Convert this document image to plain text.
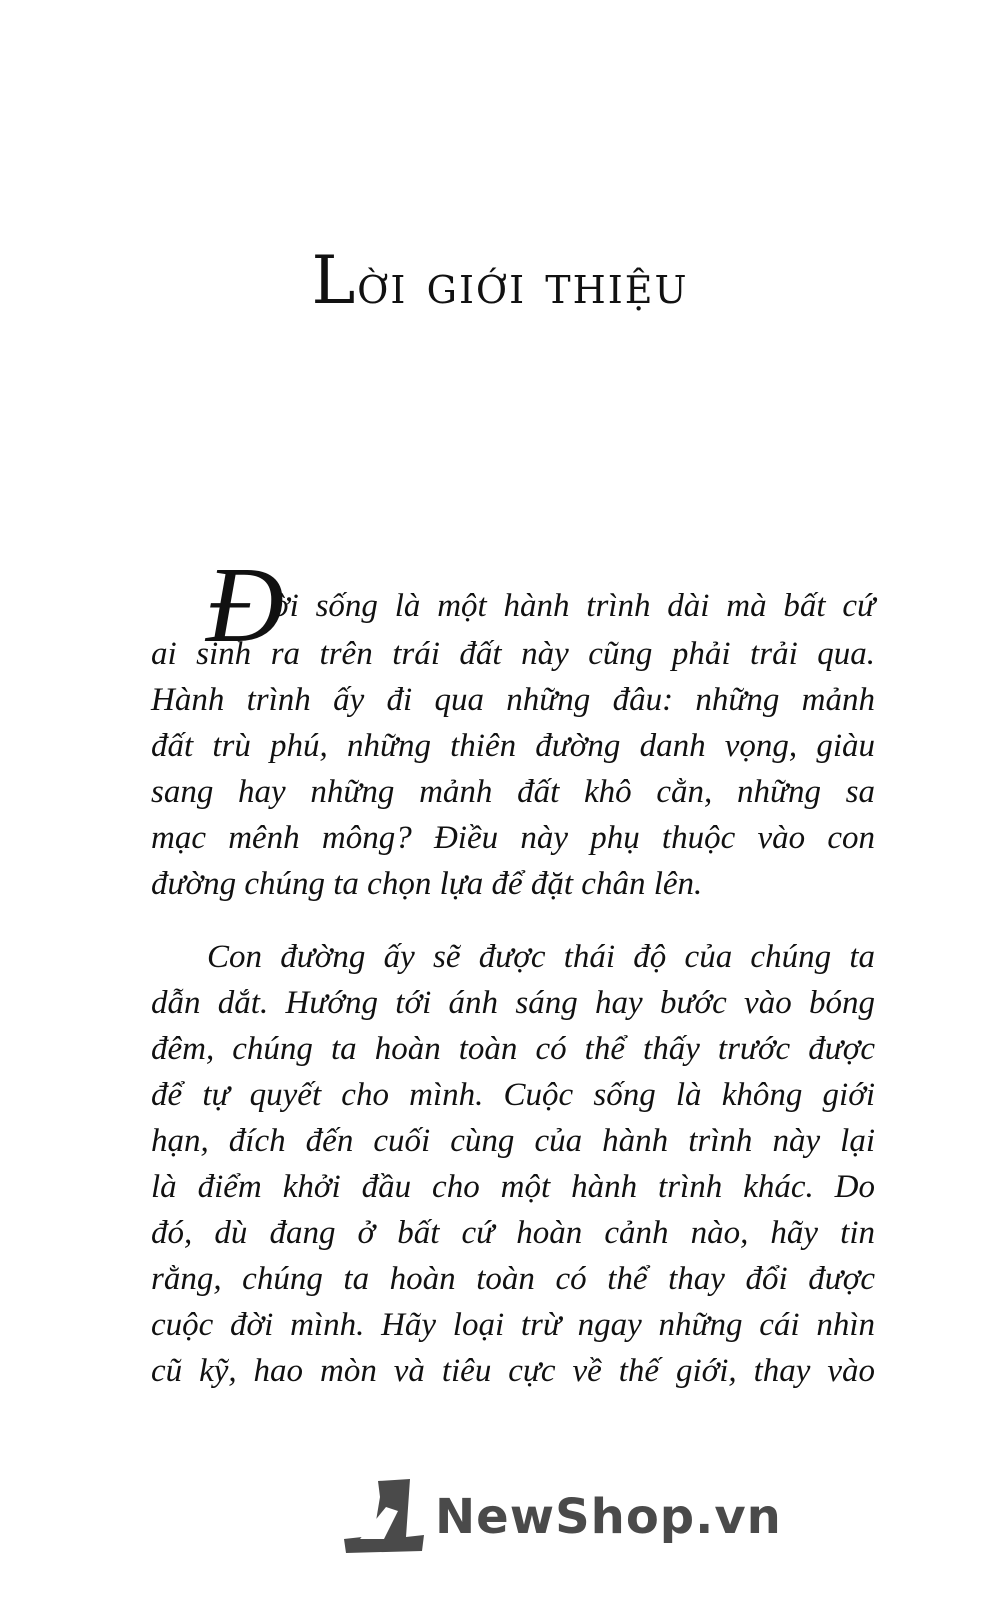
Lời giới thiệu
Đ
ời sống là một hành trình dài mà bất cứ
ai sinh ra trên trái đất này cũng phải trải qua.
Hành trình ấy đi qua những đâu: những mảnh
đất trù phú, những thiên đường danh vọng, giàu
sang hay những mảnh đất khô cằn, những sa
mạc mênh mông? Điều này phụ thuộc vào con
đường chúng ta chọn lựa để đặt chân lên.
Con đường ấy sẽ được thái độ của chúng ta
dẫn dắt. Hướng tới ánh sáng hay bước vào bóng
đêm, chúng ta hoàn toàn có thể thấy trước được
để tự quyết cho mình. Cuộc sống là không giới
hạn, đích đến cuối cùng của hành trình này lại
là điểm khởi đầu cho một hành trình khác. Do
đó, dù đang ở bất cứ hoàn cảnh nào, hãy tin
rằng, chúng ta hoàn toàn có thể thay đổi được
cuộc đời mình. Hãy loại trừ ngay những cái nhìn
cũ kỹ, hao mòn và tiêu cực về thế giới, thay vào
NewShop.vn
